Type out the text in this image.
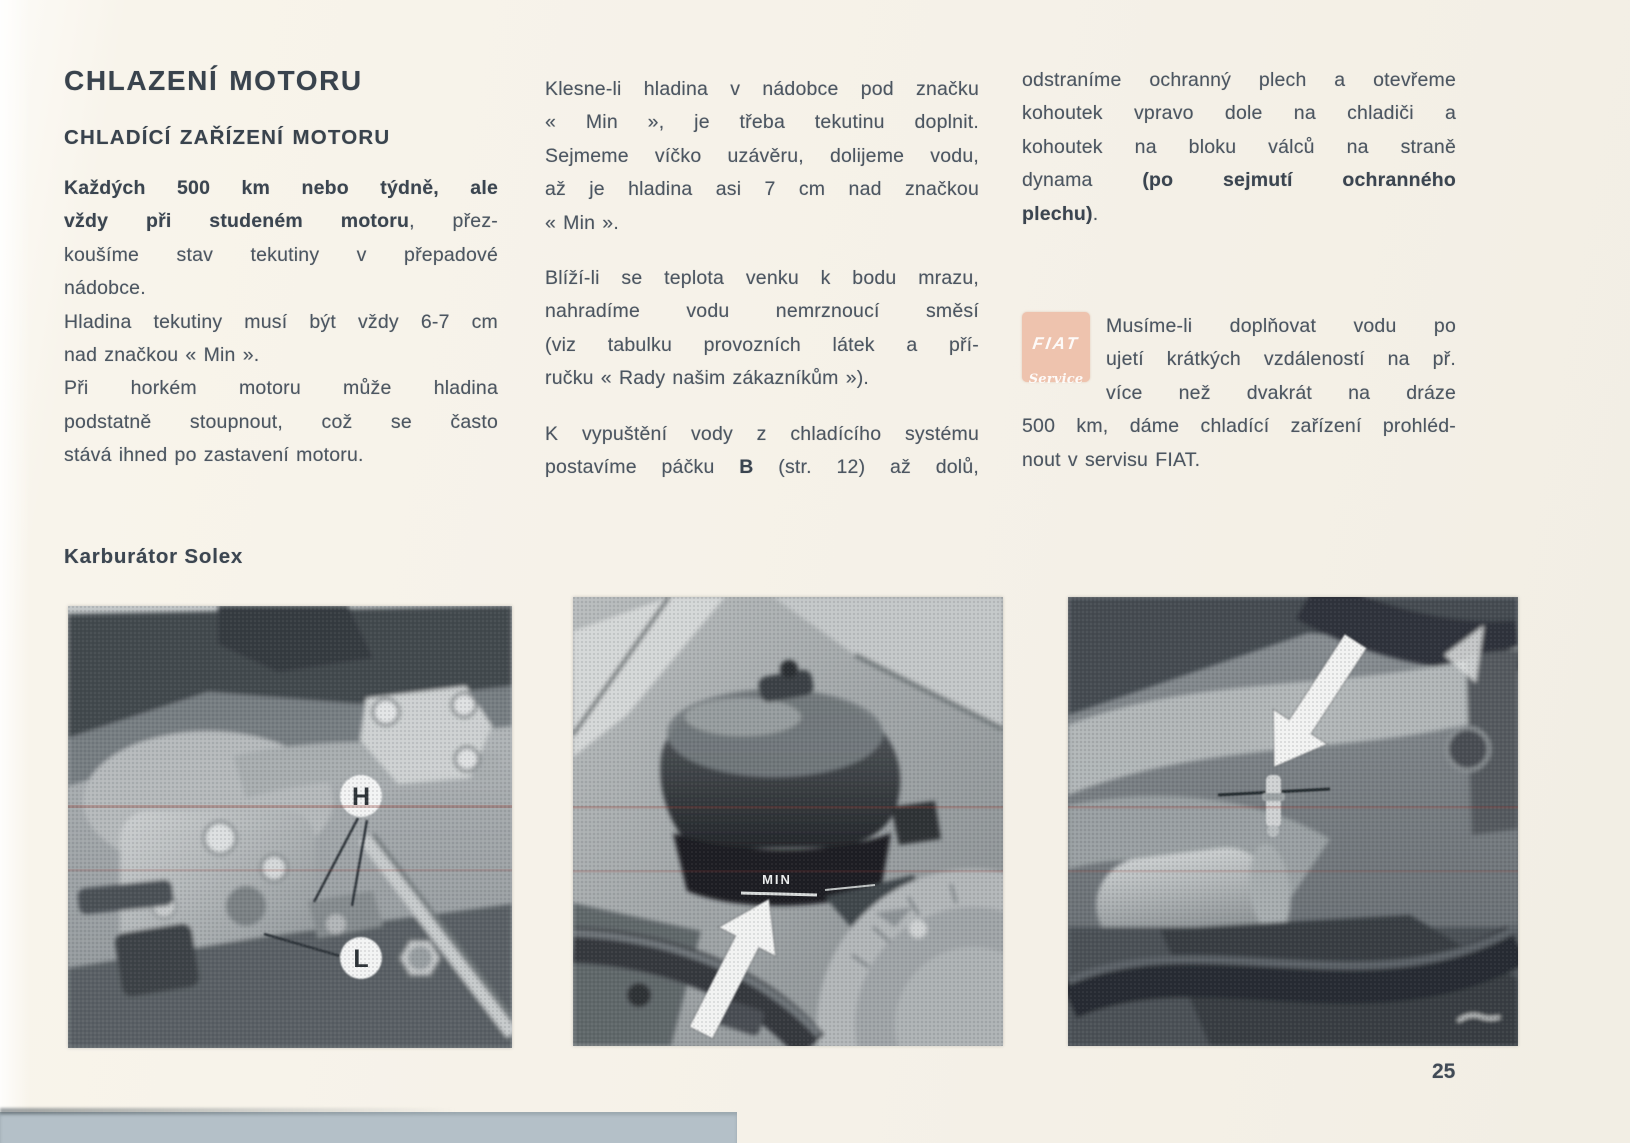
CHLAZENÍ MOTORU
CHLADÍCÍ ZAŘÍZENÍ MOTORU
Každých 500 km nebo týdně, ale
vždy při studeném motoru, přez-
koušíme stav tekutiny v přepadové
nádobce.
Hladina tekutiny musí být vždy 6-7 cm
nad značkou « Min ».
Při horkém motoru může hladina
podstatně stoupnout, což se často
stává ihned po zastavení motoru.
Klesne-li hladina v nádobce pod značku
« Min », je třeba tekutinu doplnit.
Sejmeme víčko uzávěru, dolijeme vodu,
až je hladina asi 7 cm nad značkou
« Min ».
Blíží-li se teplota venku k bodu mrazu,
nahradíme vodu nemrznoucí směsí
(viz tabulku provozních látek a pří-
ručku « Rady našim zákazníkům »).
K vypuštění vody z chladícího systému
postavíme páčku B (str. 12) až dolů,
odstraníme ochranný plech a otevřeme
kohoutek vpravo dole na chladiči a
kohoutek na bloku válců na straně
dynama (po sejmutí ochranného
plechu).
FIAT
Service
Musíme-li doplňovat vodu po
ujetí krátkých vzdáleností na př.
více než dvakrát na dráze
500 km, dáme chladící zařízení prohléd-
nout v servisu FIAT.
Karburátor Solex
25
